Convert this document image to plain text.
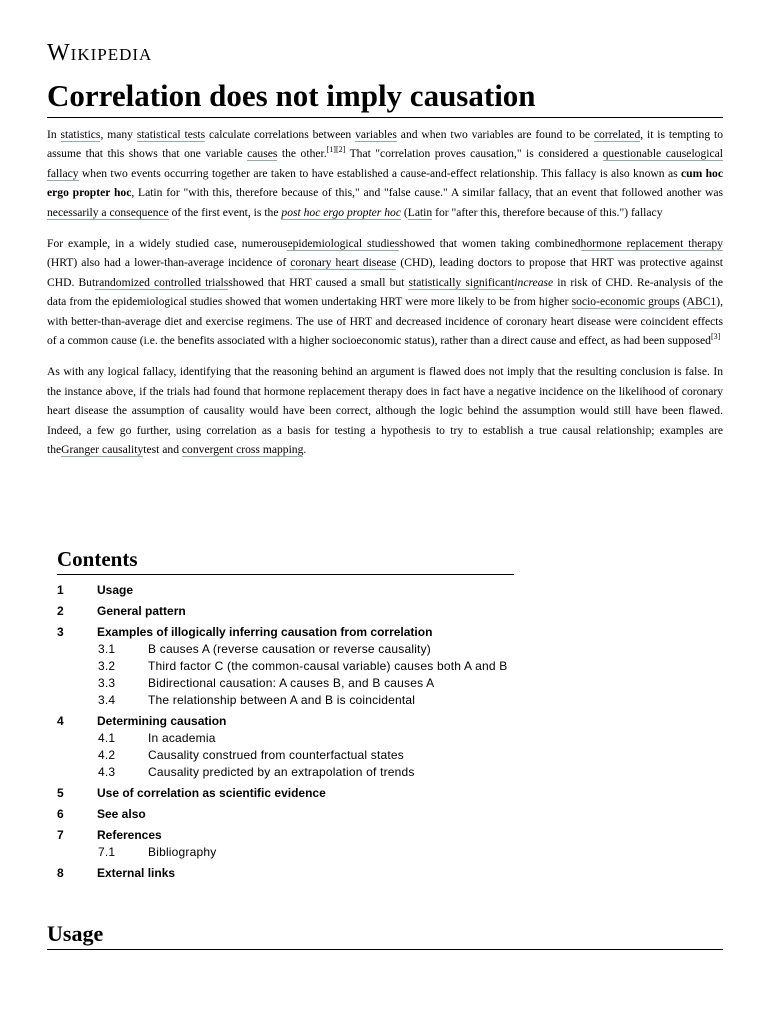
Wikipedia
Correlation does not imply causation

In statistics, many statistical tests calculate correlations between variables and when two variables are found to be correlated, it is tempting to assume that this shows that one variable causes the other.[1][2] That "correlation proves causation," is considered a questionable causelogical fallacy when two events occurring together are taken to have established a cause-and-effect relationship. This fallacy is also known as cum hoc ergo propter hoc, Latin for "with this, therefore because of this," and "false cause." A similar fallacy, that an event that followed another was necessarily a consequence of the first event, is the post hoc ergo propter hoc (Latin for "after this, therefore because of this.") fallacy

For example, in a widely studied case, numerousepidemiological studiesshowed that women taking combinedhormone replacement therapy (HRT) also had a lower-than-average incidence of coronary heart disease (CHD), leading doctors to propose that HRT was protective against CHD. Butrandomized controlled trialsshowed that HRT caused a small but statistically significantincrease in risk of CHD. Re-analysis of the data from the epidemiological studies showed that women undertaking HRT were more likely to be from higher socio-economic groups (ABC1), with better-than-average diet and exercise regimens. The use of HRT and decreased incidence of coronary heart disease were coincident effects of a common cause (i.e. the benefits associated with a higher socioeconomic status), rather than a direct cause and effect, as had been supposed[3]

As with any logical fallacy, identifying that the reasoning behind an argument is flawed does not imply that the resulting conclusion is false. In the instance above, if the trials had found that hormone replacement therapy does in fact have a negative incidence on the likelihood of coronary heart disease the assumption of causality would have been correct, although the logic behind the assumption would still have been flawed. Indeed, a few go further, using correlation as a basis for testing a hypothesis to try to establish a true causal relationship; examples are theGranger causalitytest and convergent cross mapping.

Contents
1	Usage
2	General pattern
3	Examples of illogically inferring causation from correlation
3.1	B causes A (reverse causation or reverse causality)
3.2	Third factor C (the common-causal variable) causes both A and B
3.3	Bidirectional causation: A causes B, and B causes A
3.4	The relationship between A and B is coincidental
4	Determining causation
4.1	In academia
4.2	Causality construed from counterfactual states
4.3	Causality predicted by an extrapolation of trends
5	Use of correlation as scientific evidence
6	See also
7	References
7.1	Bibliography
8	External links
Usage
